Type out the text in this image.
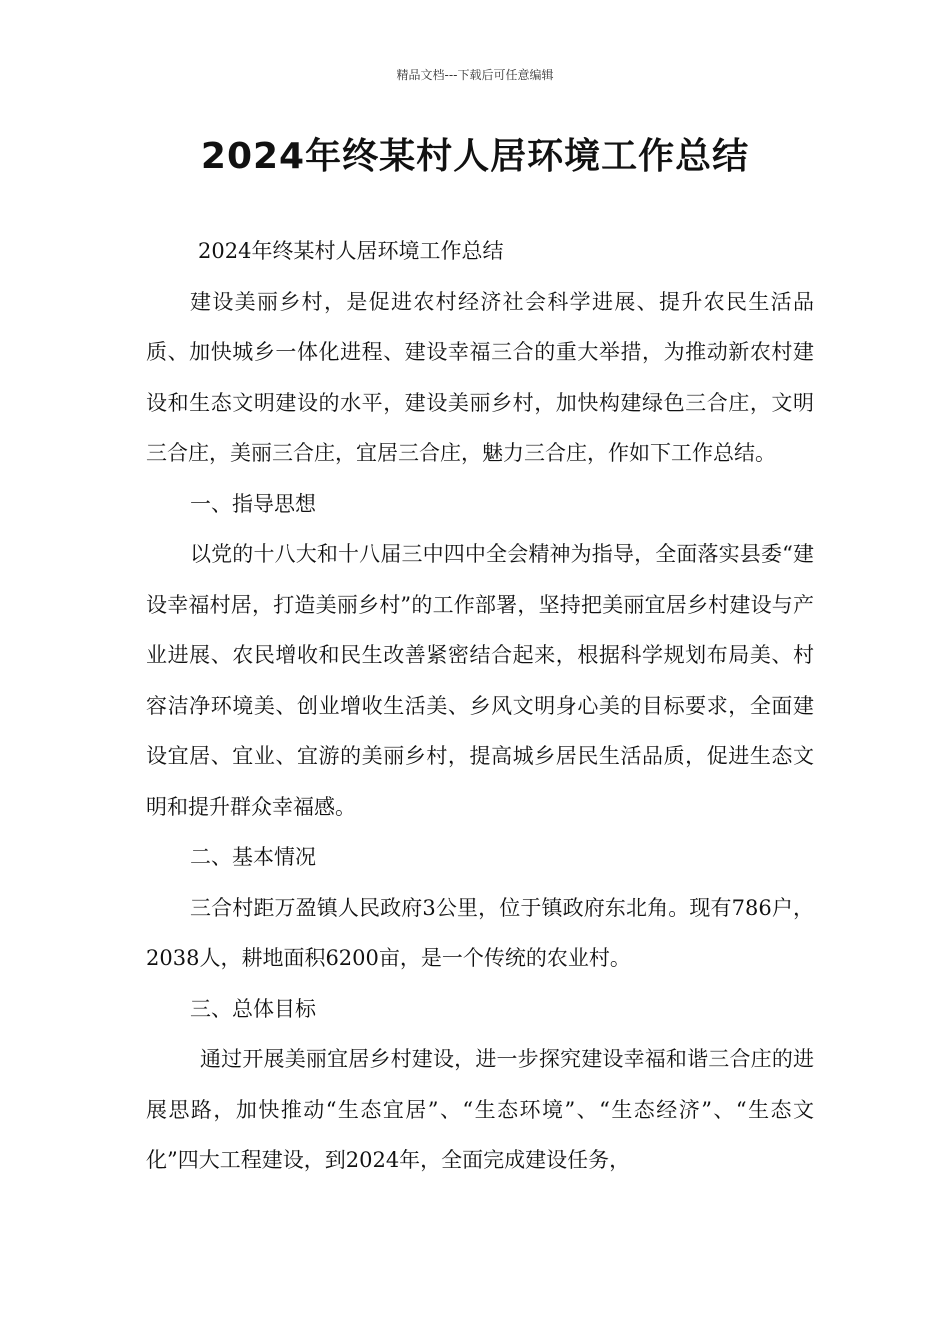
精品文档---下载后可任意编辑
2024年终某村人居环境工作总结

2024年终某村人居环境工作总结

建设美丽乡村，是促进农村经济社会科学进展、提升农民生活品质、加快城乡一体化进程、建设幸福三合的重大举措，为推动新农村建设和生态文明建设的水平，建设美丽乡村，加快构建绿色三合庄，文明三合庄，美丽三合庄，宜居三合庄，魅力三合庄，作如下工作总结。

一、指导思想

以党的十八大和十八届三中四中全会精神为指导，全面落实县委“建设幸福村居，打造美丽乡村”的工作部署，坚持把美丽宜居乡村建设与产业进展、农民增收和民生改善紧密结合起来，根据科学规划布局美、村容洁净环境美、创业增收生活美、乡风文明身心美的目标要求，全面建设宜居、宜业、宜游的美丽乡村，提高城乡居民生活品质，促进生态文明和提升群众幸福感。

二、基本情况

三合村距万盈镇人民政府3公里，位于镇政府东北角。现有786户，2038人，耕地面积6200亩，是一个传统的农业村。

三、总体目标

通过开展美丽宜居乡村建设，进一步探究建设幸福和谐三合庄的进展思路，加快推动“生态宜居”、“生态环境”、“生态经济”、“生态文化”四大工程建设，到2024年，全面完成建设任务，
